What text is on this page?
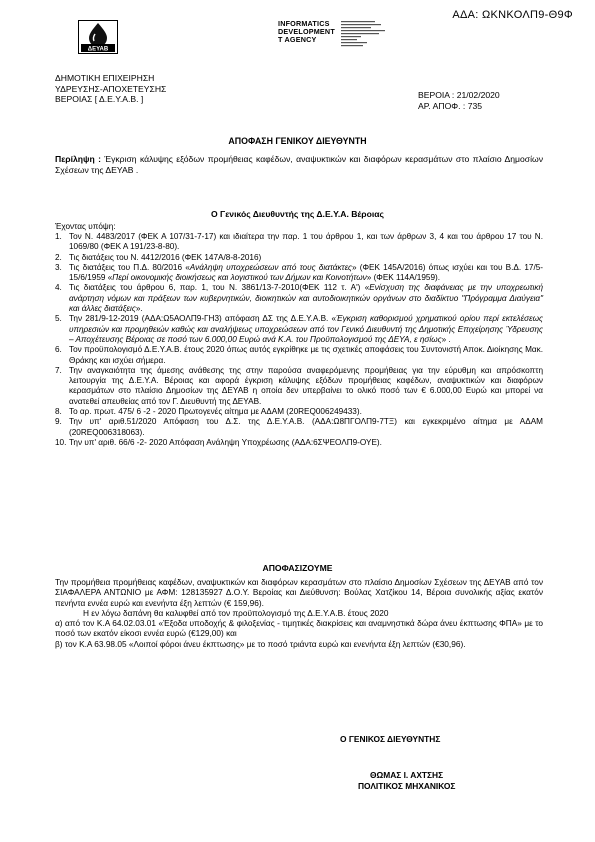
ΑΔΑ: ΩΚΝΚΟΛΠ9-Θ9Φ
ΔΕΥΑΒ
INFORMATICS
DEVELOPMENT
T AGENCY
ΔΗΜΟΤΙΚΗ ΕΠΙΧΕΙΡΗΣΗ
ΥΔΡΕΥΣΗΣ-ΑΠΟΧΕΤΕΥΣΗΣ
ΒΕΡΟΙΑΣ [ Δ.Ε.Υ.Α.Β. ]	ΒΕΡΟΙΑ : 21/02/2020
ΑΡ. ΑΠΟΦ. : 735
ΑΠΟΦΑΣΗ ΓΕΝΙΚΟΥ ΔΙΕΥΘΥΝΤΗ
Περίληψη : Έγκριση κάλυψης εξόδων προμήθειας καφέδων, αναψυκτικών και διαφόρων κερασμάτων στο πλαίσιο Δημοσίων Σχέσεων της ΔΕΥΑΒ .
Ο Γενικός Διευθυντής της Δ.Ε.Υ.Α. Βέροιας
Έχοντας υπόψη:
1. Τον Ν. 4483/2017 (ΦΕΚ Α 107/31-7-17) και ιδιαίτερα την παρ. 1 του άρθρου 1, και των άρθρων 3, 4 και του άρθρου 17 του Ν. 1069/80 (ΦΕΚ Α 191/23-8-80).
2. Τις διατάξεις του Ν. 4412/2016 (ΦΕΚ 147Α/8-8-2016)
3. Τις διατάξεις του Π.Δ. 80/2016 «Ανάληψη υποχρεώσεων από τους διατάκτες» (ΦΕΚ 145Α/2016) όπως ισχύει και του Β.Δ. 17/5-15/6/1959 «Περί οικονομικής διοικήσεως και λογιστικού των Δήμων και Κοινοτήτων» (ΦΕΚ 114Α/1959).
4. Τις διατάξεις του άρθρου 6, παρ. 1, του Ν. 3861/13-7-2010(ΦΕΚ 112 τ. Α') «Ενίσχυση της διαφάνειας με την υποχρεωτική ανάρτηση νόμων και πράξεων των κυβερνητικών, διοικητικών και αυτοδιοικητικών οργάνων στο διαδίκτυο "Πρόγραμμα Διαύγεια" και άλλες διατάξεις».
5. Την 281/9-12-2019 (ΑΔΑ:Ω5ΑΟΛΠ9-ΓΗ3) απόφαση ΔΣ της Δ.Ε.Υ.Α.Β. «Έγκριση καθορισμού χρηματικού ορίου περί εκτελέσεως υπηρεσιών και προμηθειών καθώς και αναλήψεως υποχρεώσεων από τον Γενικό Διευθυντή της Δημοτικής Επιχείρησης Ύδρευσης – Αποχέτευσης Βέροιας σε ποσό των 6.000,00 Ευρώ ανά Κ.Α. του Προϋπολογισμού της ΔΕΥΑ, ε ησίως» .
6. Τον προϋπολογισμό Δ.Ε.Υ.Α.Β. έτους 2020 όπως αυτός εγκρίθηκε με τις σχετικές αποφάσεις του Συντονιστή Αποκ. Διοίκησης Μακ. Θράκης και ισχύει σήμερα.
7. Την αναγκαιότητα της άμεσης ανάθεσης της στην παρούσα αναφερόμενης προμήθειας για την εύρυθμη και απρόσκοπτη λειτουργία της Δ.Ε.Υ.Α. Βέροιας και αφορά έγκριση κάλυψης εξόδων προμήθειας καφέδων, αναψυκτικών και διαφόρων κερασμάτων στο πλαίσιο Δημοσίων της ΔΕΥΑΒ η οποία δεν υπερβαίνει το ολικό ποσό των € 6.000,00 Ευρώ και μπορεί να ανατεθεί απευθείας από τον Γ. Διευθυντή της ΔΕΥΑΒ.
8. Το αρ. πρωτ. 475/ 6 -2 - 2020 Πρωτογενές αίτημα με ΑΔΑΜ (20REQ006249433).
9. Την υπ' αριθ.51/2020 Απόφαση του Δ.Σ. της Δ.Ε.Υ.Α.Β. (ΑΔΑ:Ω8ΠΓΟΛΠ9-7ΤΞ) και εγκεκριμένο αίτημα με ΑΔΑΜ (20REQ006318063).
10. Την υπ' αριθ. 66/6 -2- 2020 Απόφαση Ανάληψη Υποχρέωσης (ΑΔΑ:6ΣΨΕΟΛΠ9-ΟΥΕ).
ΑΠΟΦΑΣΙΖΟΥΜΕ

Την προμήθεια προμήθειας καφέδων, αναψυκτικών και διαφόρων κερασμάτων στο πλαίσιο Δημοσίων Σχέσεων της ΔΕΥΑΒ από τον ΣΙΑΦΑΛΕΡΑ ΑΝΤΩΝΙΟ με ΑΦΜ: 128135927 Δ.Ο.Υ. Βεροίας και Διεύθυνση: Βούλας Χατζίκου 14, Βέροια συνολικής αξίας εκατόν πενήντα εννέα ευρώ και ενενήντα έξη λεπτών (€ 159,96).

Η εν λόγω δαπάνη θα καλυφθεί από τον προϋπολογισμό της Δ.Ε.Υ.Α.Β. έτους 2020

α) από τον Κ.Α 64.02.03.01 «Έξοδα υποδοχής & φιλοξενίας - τιμητικές διακρίσεις και αναμνηστικά δώρα άνευ έκπτωσης ΦΠΑ» με το ποσό των εκατόν είκοσι εννέα ευρώ (€129,00) και

β) τον Κ.Α 63.98.05 «Λοιποί φόροι άνευ έκπτωσης» με το ποσό τριάντα ευρώ και ενενήντα έξη λεπτών (€30,96).

Ο ΓΕΝΙΚΟΣ ΔΙΕΥΘΥΝΤΗΣ
ΘΩΜΑΣ Ι. ΑΧΤΣΗΣ
ΠΟΛΙΤΙΚΟΣ ΜΗΧΑΝΙΚΟΣ
